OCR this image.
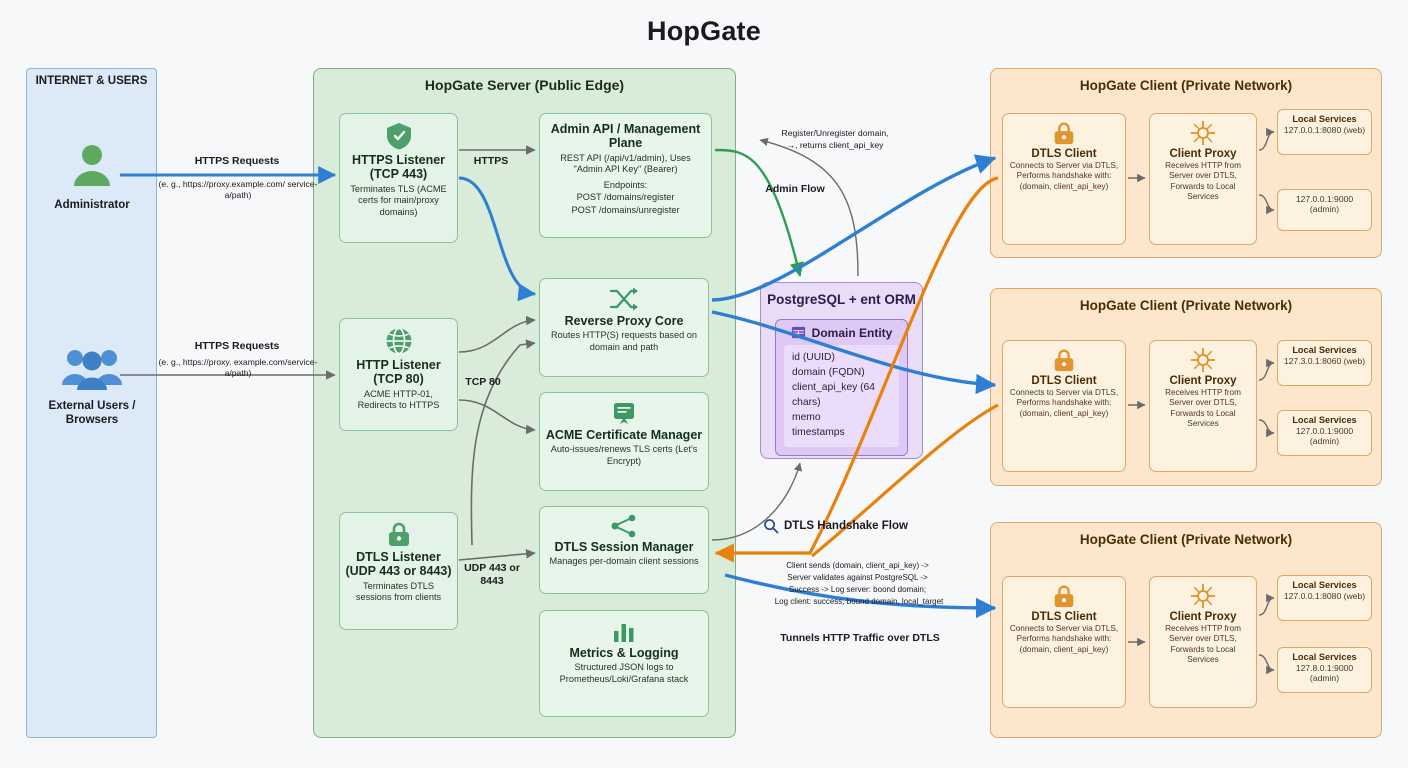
HopGate
INTERNET & USERS
Administrator
External Users / Browsers
HopGate Server (Public Edge)
HTTPS Listener (TCP 443)

Terminates TLS (ACME certs for main/proxy domains)

HTTP Listener (TCP 80)

ACME HTTP-01, Redirects to HTTPS

DTLS Listener (UDP 443 or 8443)

Terminates DTLS sessions from clients

Admin API / Management Plane

REST API (/api/v1/admin), Uses "Admin API Key" (Bearer)

Endpoints:

POST /domains/register

POST /domains/unregister

Reverse Proxy Core

Routes HTTP(S) requests based on domain and path

ACME Certificate Manager

Auto-issues/renews TLS certs (Let's Encrypt)

DTLS Session Manager

Manages per-domain client sessions

Metrics & Logging

Structured JSON logs to Prometheus/Loki/Grafana stack

PostgreSQL + ent ORM
Domain Entity
id (UUID)
domain (FQDN)
client_api_key (64 chars)
memo
timestamps
HopGate Client (Private Network)
DTLS Client

Connects to Server via DTLS, Performs handshake with: (domain, client_api_key)

Client Proxy

Receives HTTP from Server over DTLS, Forwards to Local Services

Local Services
127.0.0.1:8080 (web)
127.0.0.1:9000 (admin)
HopGate Client (Private Network)
DTLS Client

Connects to Server via DTLS, Performs handshake with: (domain, client_api_key)

Client Proxy

Receives HTTP from Server over DTLS, Forwards to Local Services

Local Services
127.3.0.1:8060 (web)
Local Services
127.0.0.1:9000 (admin)
HopGate Client (Private Network)
DTLS Client

Connects to Server via DTLS, Performs handshake with: (domain, client_api_key)

Client Proxy

Receives HTTP from Server over DTLS, Forwards to Local Services

Local Services
127.0.0.1:8080 (web)
Local Services
127.8.0.1:9000 (admin)
HTTPS Requests
(e. g., https://proxy.example.com/ service-a/path)
HTTPS Requests
(e. g., https://proxy. example.com/service-a/path)
HTTPS
TCP 80
UDP 443 or 8443
Register/Unregister domain,
→, returns client_api_key
Admin Flow
DTLS Handshake Flow
Client sends (domain, client_api_key) ->
Server validates against PostgreSQL ->
Success -> Log server: boond domain;
Log client: success, bound domain, local_target
Tunnels HTTP Traffic over DTLS
